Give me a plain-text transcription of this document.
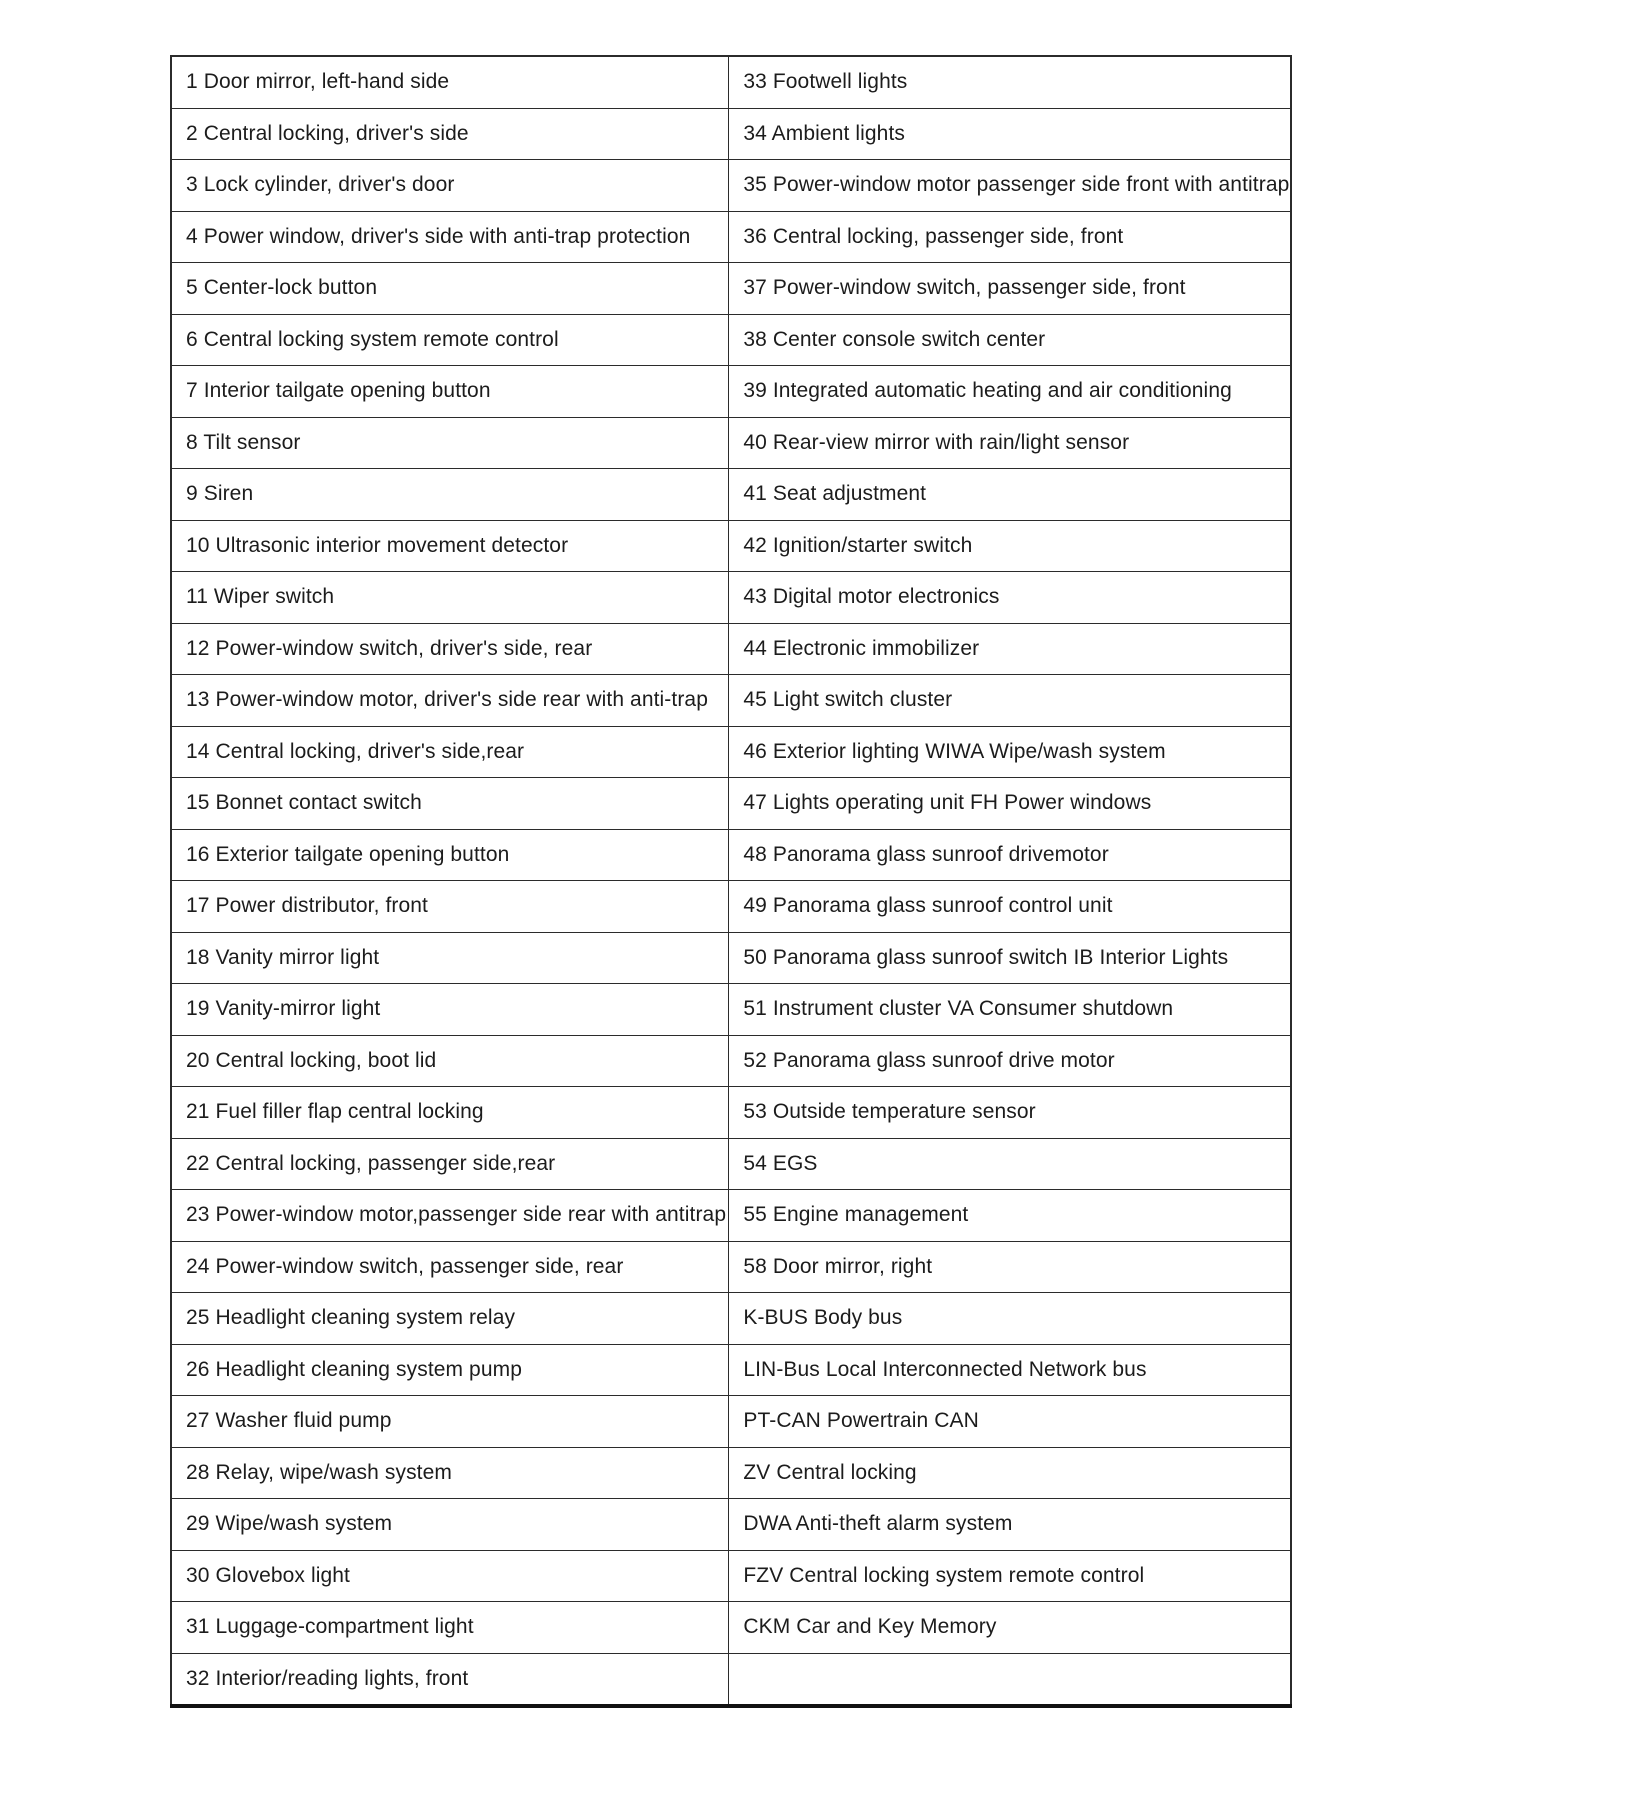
1 Door mirror, left-hand side	33 Footwell lights
2 Central locking, driver's side	34 Ambient lights
3 Lock cylinder, driver's door	35 Power-window motor passenger side front with antitrap
4 Power window, driver's side with anti-trap protection	36 Central locking, passenger side, front
5 Center-lock button	37 Power-window switch, passenger side, front
6 Central locking system remote control	38 Center console switch center
7 Interior tailgate opening button	39 Integrated automatic heating and air conditioning
8 Tilt sensor	40 Rear-view mirror with rain/light sensor
9 Siren	41 Seat adjustment
10 Ultrasonic interior movement detector	42 Ignition/starter switch
11 Wiper switch	43 Digital motor electronics
12 Power-window switch, driver's side, rear	44 Electronic immobilizer
13 Power-window motor, driver's side rear with anti-trap	45 Light switch cluster
14 Central locking, driver's side,rear	46 Exterior lighting WIWA Wipe/wash system
15 Bonnet contact switch	47 Lights operating unit FH Power windows
16 Exterior tailgate opening button	48 Panorama glass sunroof drivemotor
17 Power distributor, front	49 Panorama glass sunroof control unit
18 Vanity mirror light	50 Panorama glass sunroof switch IB Interior Lights
19 Vanity-mirror light	51 Instrument cluster VA Consumer shutdown
20 Central locking, boot lid	52 Panorama glass sunroof drive motor
21 Fuel filler flap central locking	53 Outside temperature sensor
22 Central locking, passenger side,rear	54 EGS
23 Power-window motor,passenger side rear with antitrap	55 Engine management
24 Power-window switch, passenger side, rear	58 Door mirror, right
25 Headlight cleaning system relay	K-BUS Body bus
26 Headlight cleaning system pump	LIN-Bus Local Interconnected Network bus
27 Washer fluid pump	PT-CAN Powertrain CAN
28 Relay, wipe/wash system	ZV Central locking
29 Wipe/wash system	DWA Anti-theft alarm system
30 Glovebox light	FZV Central locking system remote control
31 Luggage-compartment light	CKM Car and Key Memory
32 Interior/reading lights, front	
